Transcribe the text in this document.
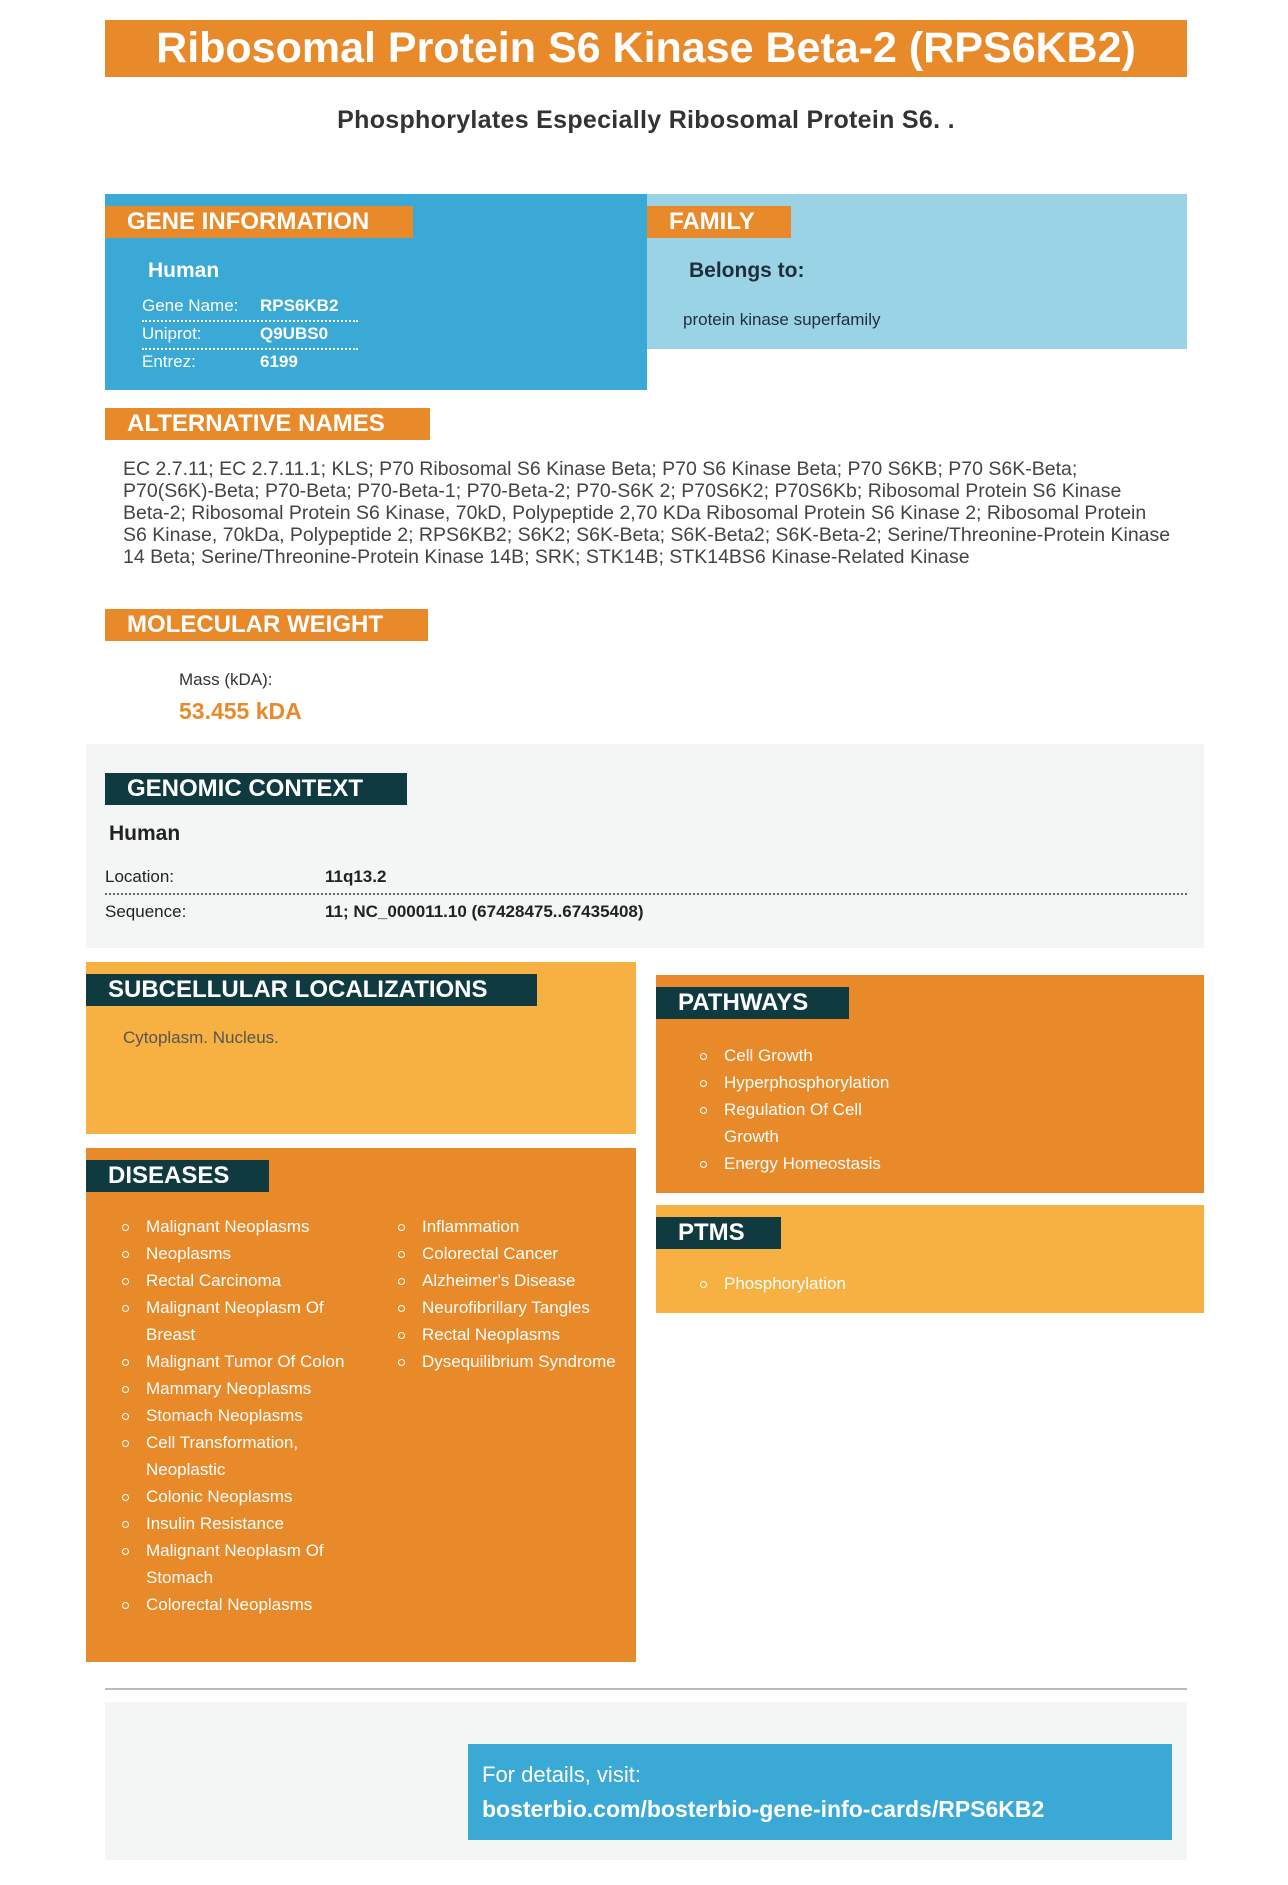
Ribosomal Protein S6 Kinase Beta-2 (RPS6KB2)
Phosphorylates Especially Ribosomal Protein S6. .
GENE INFORMATION
Human
Gene Name: RPS6KB2
Uniprot:	Q9UBS0
Entrez:	6199
FAMILY
Belongs to:
protein kinase superfamily
ALTERNATIVE NAMES
EC 2.7.11; EC 2.7.11.1; KLS; P70 Ribosomal S6 Kinase Beta; P70 S6 Kinase Beta; P70 S6KB; P70 S6K-Beta; P70(S6K)-Beta; P70-Beta; P70-Beta-1; P70-Beta-2; P70-S6K 2; P70S6K2; P70S6Kb; Ribosomal Protein S6 Kinase Beta-2; Ribosomal Protein S6 Kinase, 70kD, Polypeptide 2,70 KDa Ribosomal Protein S6 Kinase 2; Ribosomal Protein S6 Kinase, 70kDa, Polypeptide 2; RPS6KB2; S6K2; S6K-Beta; S6K-Beta2; S6K-Beta-2; Serine/Threonine-Protein Kinase 14 Beta; Serine/Threonine-Protein Kinase 14B; SRK; STK14B; STK14BS6 Kinase-Related Kinase
MOLECULAR WEIGHT
Mass (kDA):
53.455 kDA
GENOMIC CONTEXT
Human
Location:	11q13.2
Sequence:	11; NC_000011.10 (67428475..67435408)
SUBCELLULAR LOCALIZATIONS
Cytoplasm. Nucleus.
DISEASES
Malignant Neoplasms
Neoplasms
Rectal Carcinoma
Malignant Neoplasm Of Breast
Malignant Tumor Of Colon
Mammary Neoplasms
Stomach Neoplasms
Cell Transformation, Neoplastic
Colonic Neoplasms
Insulin Resistance
Malignant Neoplasm Of Stomach
Colorectal Neoplasms
Inflammation
Colorectal Cancer
Alzheimer's Disease
Neurofibrillary Tangles
Rectal Neoplasms
Dysequilibrium Syndrome
PATHWAYS
Cell Growth
Hyperphosphorylation
Regulation Of Cell Growth
Energy Homeostasis
PTMS
Phosphorylation
For details, visit:
bosterbio.com/bosterbio-gene-info-cards/RPS6KB2
